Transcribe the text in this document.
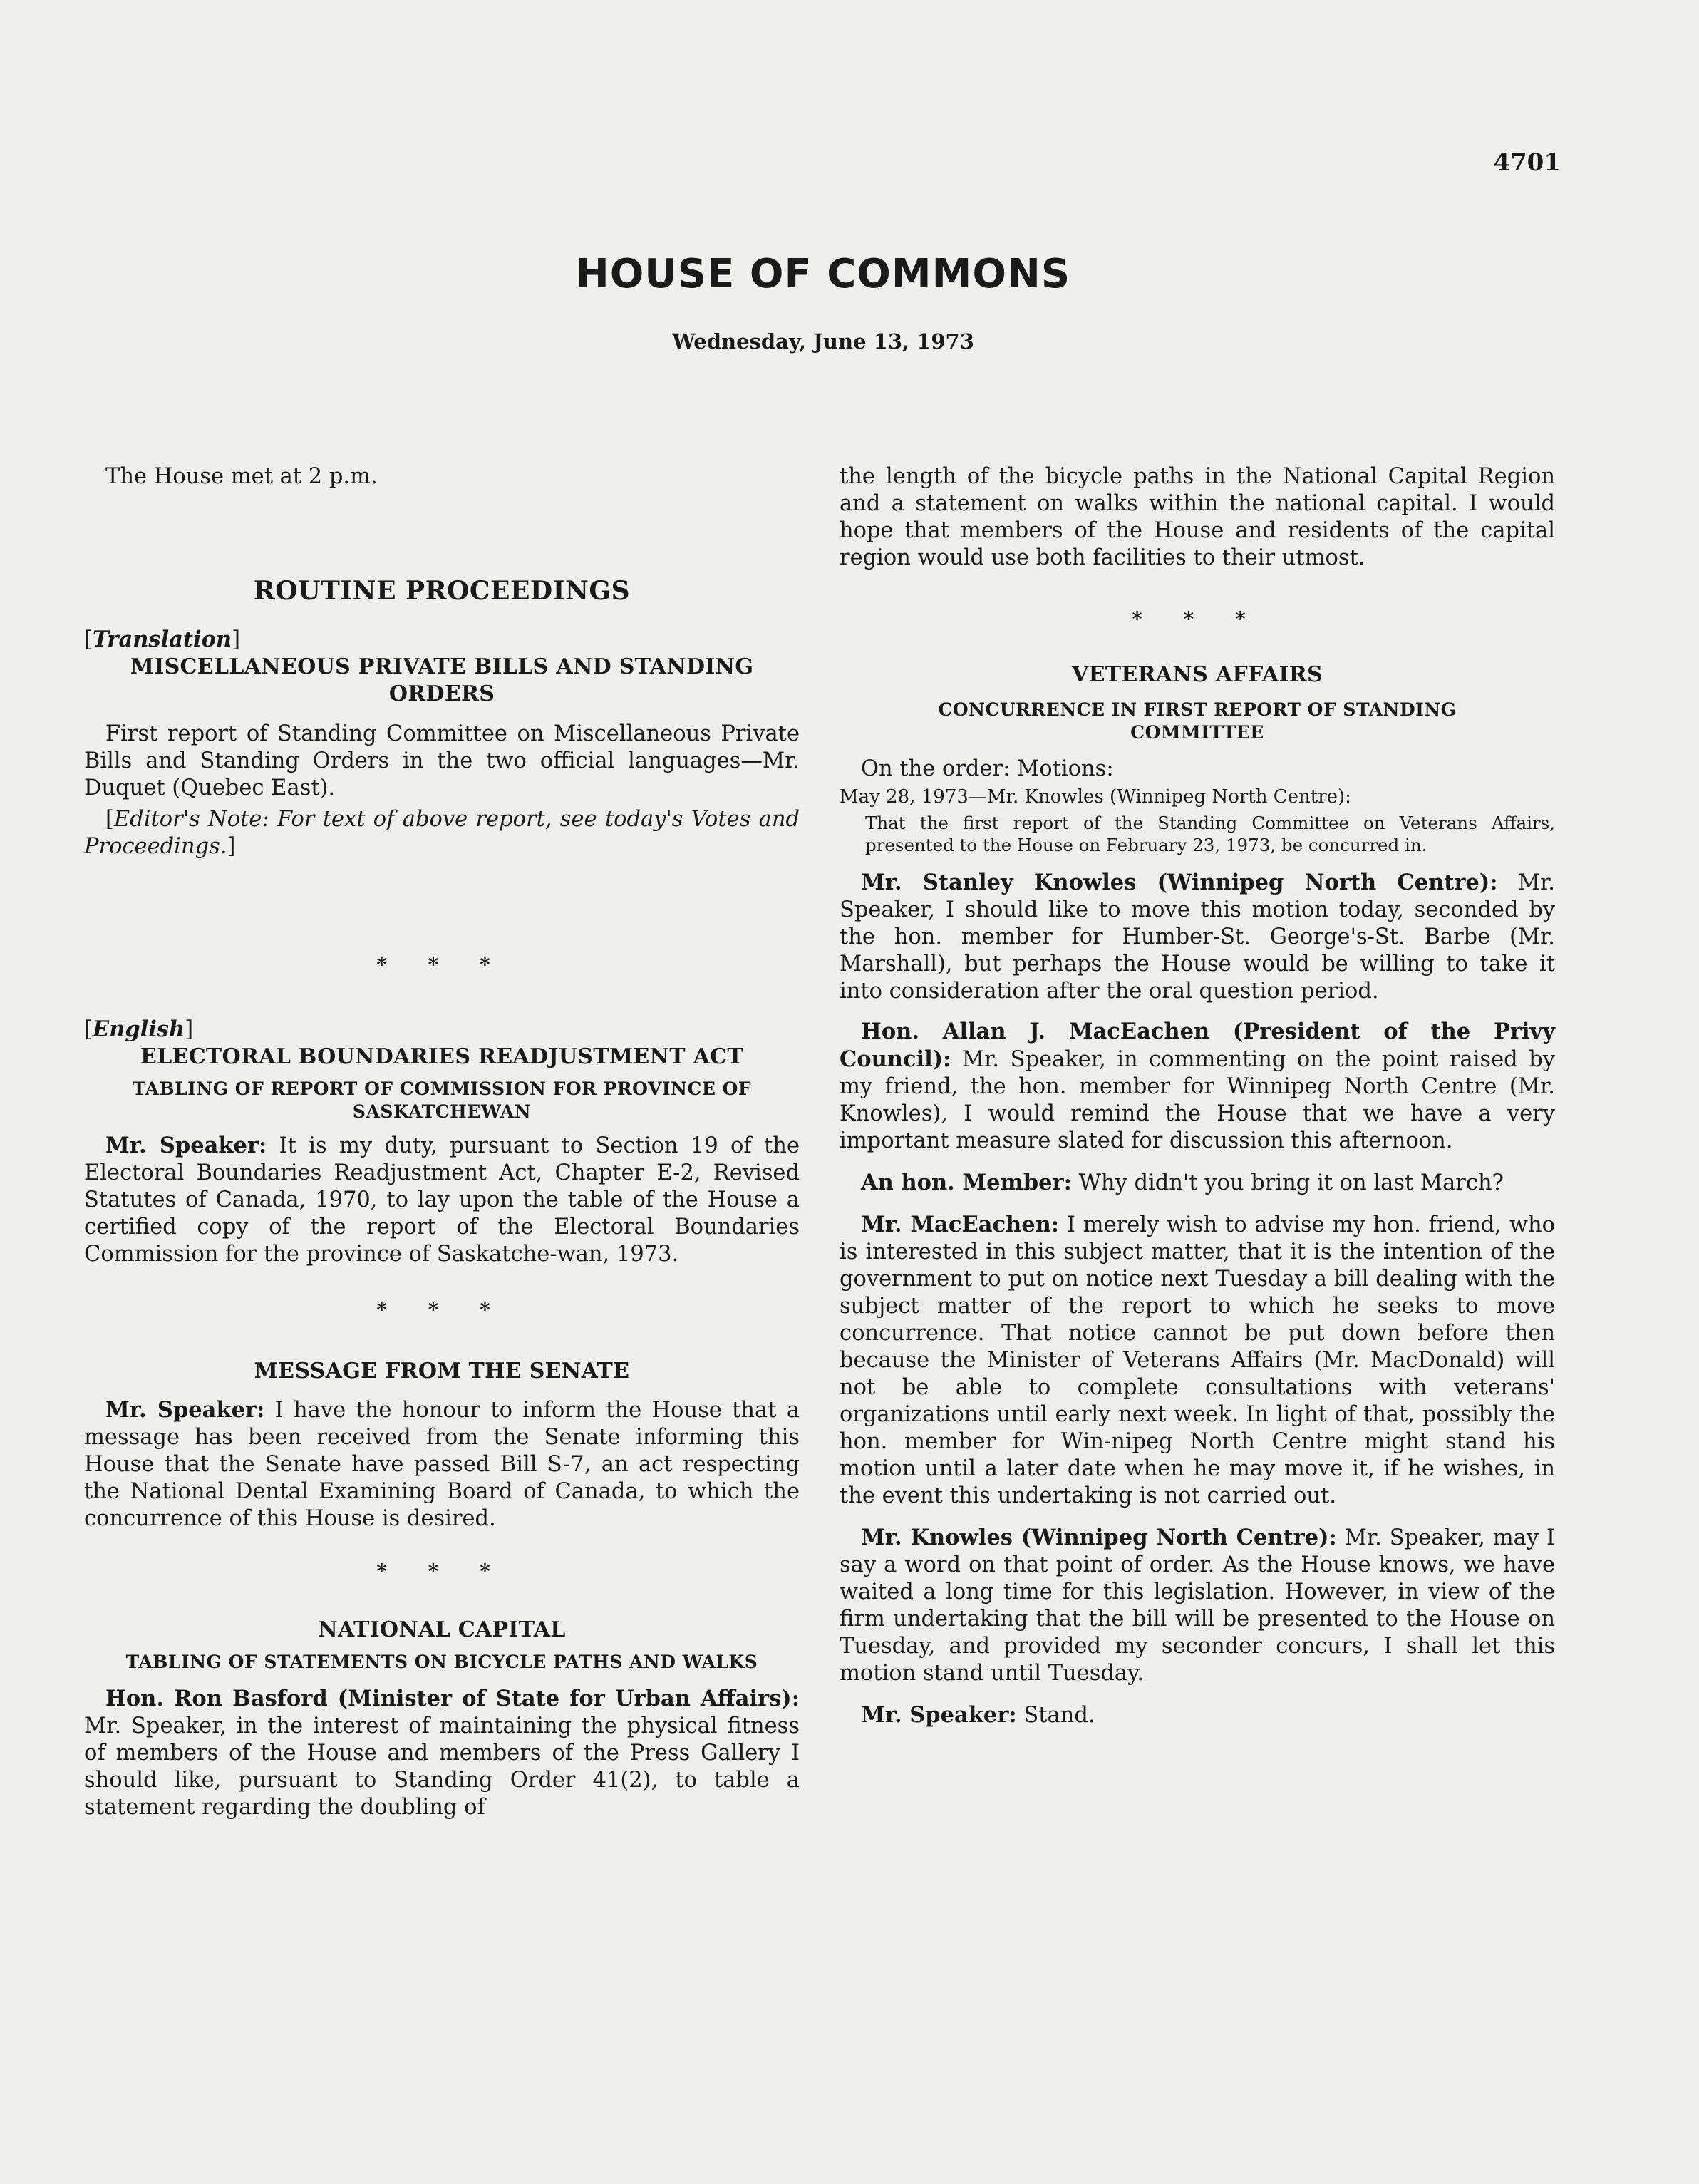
4701
HOUSE OF COMMONS
Wednesday, June 13, 1973

The House met at 2 p.m.

ROUTINE PROCEEDINGS

[Translation]

MISCELLANEOUS PRIVATE BILLS AND STANDING ORDERS

First report of Standing Committee on Miscellaneous Private Bills and Standing Orders in the two official languages—Mr. Duquet (Quebec East).

[Editor's Note: For text of above report, see today's Votes and Proceedings.]

* * *

[English]

ELECTORAL BOUNDARIES READJUSTMENT ACT
TABLING OF REPORT OF COMMISSION FOR PROVINCE OF SASKATCHEWAN

Mr. Speaker: It is my duty, pursuant to Section 19 of the Electoral Boundaries Readjustment Act, Chapter E-2, Revised Statutes of Canada, 1970, to lay upon the table of the House a certified copy of the report of the Electoral Boundaries Commission for the province of Saskatche-wan, 1973.

* * *
MESSAGE FROM THE SENATE

Mr. Speaker: I have the honour to inform the House that a message has been received from the Senate informing this House that the Senate have passed Bill S-7, an act respecting the National Dental Examining Board of Canada, to which the concurrence of this House is desired.

* * *
NATIONAL CAPITAL
TABLING OF STATEMENTS ON BICYCLE PATHS AND WALKS

Hon. Ron Basford (Minister of State for Urban Affairs): Mr. Speaker, in the interest of maintaining the physical fitness of members of the House and members of the Press Gallery I should like, pursuant to Standing Order 41(2), to table a statement regarding the doubling of

the length of the bicycle paths in the National Capital Region and a statement on walks within the national capital. I would hope that members of the House and residents of the capital region would use both facilities to their utmost.

* * *
VETERANS AFFAIRS
CONCURRENCE IN FIRST REPORT OF STANDING COMMITTEE

On the order: Motions:

May 28, 1973—Mr. Knowles (Winnipeg North Centre):

That the first report of the Standing Committee on Veterans Affairs, presented to the House on February 23, 1973, be concurred in.

Mr. Stanley Knowles (Winnipeg North Centre): Mr. Speaker, I should like to move this motion today, seconded by the hon. member for Humber-St. George's-St. Barbe (Mr. Marshall), but perhaps the House would be willing to take it into consideration after the oral question period.

Hon. Allan J. MacEachen (President of the Privy Council): Mr. Speaker, in commenting on the point raised by my friend, the hon. member for Winnipeg North Centre (Mr. Knowles), I would remind the House that we have a very important measure slated for discussion this afternoon.

An hon. Member: Why didn't you bring it on last March?

Mr. MacEachen: I merely wish to advise my hon. friend, who is interested in this subject matter, that it is the intention of the government to put on notice next Tuesday a bill dealing with the subject matter of the report to which he seeks to move concurrence. That notice cannot be put down before then because the Minister of Veterans Affairs (Mr. MacDonald) will not be able to complete consultations with veterans' organizations until early next week. In light of that, possibly the hon. member for Win-nipeg North Centre might stand his motion until a later date when he may move it, if he wishes, in the event this undertaking is not carried out.

Mr. Knowles (Winnipeg North Centre): Mr. Speaker, may I say a word on that point of order. As the House knows, we have waited a long time for this legislation. However, in view of the firm undertaking that the bill will be presented to the House on Tuesday, and provided my seconder concurs, I shall let this motion stand until Tuesday.

Mr. Speaker: Stand.
